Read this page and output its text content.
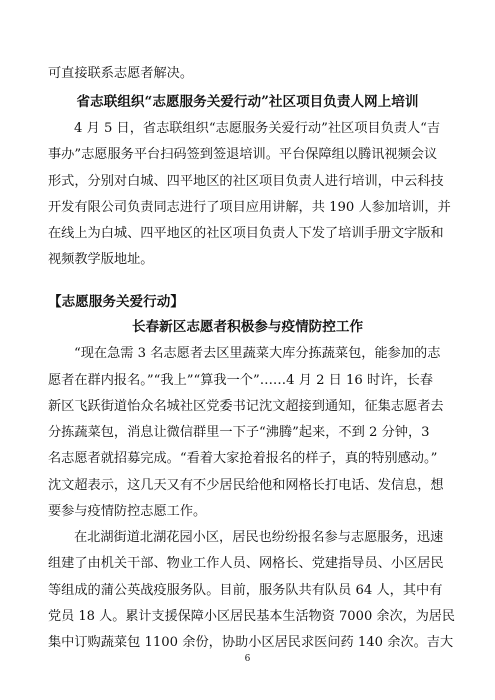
可直接联系志愿者解决。
省志联组织“志愿服务关爱行动”社区项目负责人网上培训
4 月 5 日，省志联组织“志愿服务关爱行动”社区项目负责人“吉
事办”志愿服务平台扫码签到签退培训。平台保障组以腾讯视频会议
形式，分别对白城、四平地区的社区项目负责人进行培训，中云科技
开发有限公司负责同志进行了项目应用讲解，共 190 人参加培训，并
在线上为白城、四平地区的社区项目负责人下发了培训手册文字版和
视频教学版地址。
【志愿服务关爱行动】
长春新区志愿者积极参与疫情防控工作
“现在急需 3 名志愿者去区里蔬菜大库分拣蔬菜包，能参加的志
愿者在群内报名。”“我上”“算我一个”……4 月 2 日 16 时许，长春
新区飞跃街道怡众名城社区党委书记沈文超接到通知，征集志愿者去
分拣蔬菜包，消息让微信群里一下子“沸腾”起来，不到 2 分钟，3
名志愿者就招募完成。“看着大家抢着报名的样子，真的特别感动。”
沈文超表示，这几天又有不少居民给他和网格长打电话、发信息，想
要参与疫情防控志愿工作。
在北湖街道北湖花园小区，居民也纷纷报名参与志愿服务，迅速
组建了由机关干部、物业工作人员、网格长、党建指导员、小区居民
等组成的蒲公英战疫服务队。目前，服务队共有队员 64 人，其中有
党员 18 人。累计支援保障小区居民基本生活物资 7000 余次，为居民
集中订购蔬菜包 1100 余份，协助小区居民求医问药 140 余次。吉大
6
